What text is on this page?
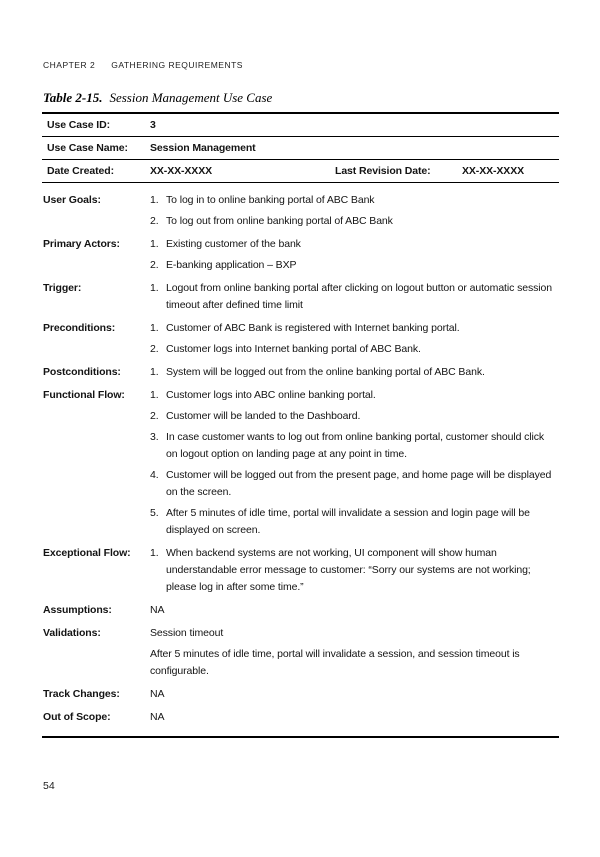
CHAPTER 2 GATHERING REQUIREMENTS
Table 2-15. Session Management Use Case
Use Case ID:	3
Use Case Name:	Session Management
Date Created:	XX-XX-XXXX	Last Revision Date:	XX-XX-XXXX
User Goals:	1. To log in to online banking portal of ABC Bank
2. To log out from online banking portal of ABC Bank
Primary Actors:	1. Existing customer of the bank
2. E-banking application – BXP
Trigger:	1. Logout from online banking portal after clicking on logout button or automatic session timeout after defined time limit
Preconditions:	1. Customer of ABC Bank is registered with Internet banking portal.
2. Customer logs into Internet banking portal of ABC Bank.
Postconditions:	1. System will be logged out from the online banking portal of ABC Bank.
Functional Flow:	1. Customer logs into ABC online banking portal.
2. Customer will be landed to the Dashboard.
3. In case customer wants to log out from online banking portal, customer should click on logout option on landing page at any point in time.
4. Customer will be logged out from the present page, and home page will be displayed on the screen.
5. After 5 minutes of idle time, portal will invalidate a session and login page will be displayed on screen.
Exceptional Flow:	1. When backend systems are not working, UI component will show human understandable error message to customer: “Sorry our systems are not working; please log in after some time.”
Assumptions:	NA
Validations:	Session timeout
After 5 minutes of idle time, portal will invalidate a session, and session timeout is configurable.
Track Changes:	NA
Out of Scope:	NA
54
